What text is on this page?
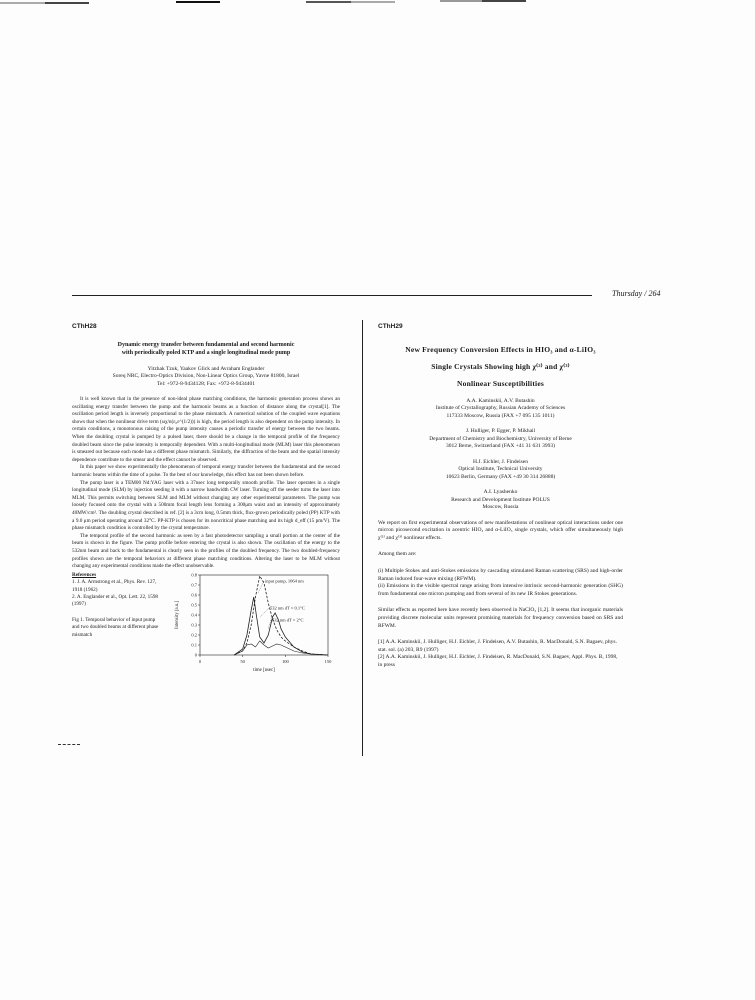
Thursday / 264
CThH28
Dynamic energy transfer between fundamental and second harmonic
with periodically poled KTP and a single longitudinal mode pump
Yitzhak Tzuk, Yaakov Glick and Avraham Englander
Soreq NRC, Electro-Optics Division, Non-Linear Optics Group, Yavne 81800, Israel
Tel: +972-8-9434128; Fax: +972-8-9434401

It is well known that in the presence of non-ideal phase matching conditions, the harmonic generation process shows an oscillating energy transfer between the pump and the harmonic beams as a function of distance along the crystal[1]. The oscillation period length is inversely proportional to the phase mismatch. A numerical solution of the coupled wave equations shows that when the nonlinear drive term (ωχ/n(ε₀ε^(1/2))) is high, the period length is also dependent on the pump intensity. In certain conditions, a monotonous raising of the pump intensity causes a periodic transfer of energy between the two beams. When the doubling crystal is pumped by a pulsed laser, there should be a change in the temporal profile of the frequency doubled beam since the pulse intensity is temporally dependent. With a multi-longitudinal mode (MLM) laser this phenomenon is smeared out because each mode has a different phase mismatch. Similarly, the diffraction of the beam and the spatial intensity dependence contribute to the smear and the effect cannot be observed.

In this paper we show experimentally the phenomenon of temporal energy transfer between the fundamental and the second harmonic beams within the time of a pulse. To the best of our knowledge, this effect has not been shown before.

The pump laser is a TEM00 Nd:YAG laser with a 37nsec long temporally smooth profile. The laser operates in a single longitudinal mode (SLM) by injection seeding it with a narrow bandwidth CW laser. Turning off the seeder turns the laser into MLM. This permits switching between SLM and MLM without changing any other experimental parameters. The pump was loosely focused onto the crystal with a 500mm focal length lens forming a 300μm waist and an intensity of approximately 40MW/cm². The doubling crystal described in ref. [2] is a 3cm long, 0.5mm thick, flux-grown periodically poled (PP) KTP with a 9.0 μm period operating around 32°C. PP-KTP is chosen for its noncritical phase matching and its high d_eff (15 pm/V). The phase mismatch condition is controlled by the crystal temperature.

The temporal profile of the second harmonic as seen by a fast photodetector sampling a small portion at the center of the beam is shown in the figure. The pump profile before entering the crystal is also shown. The oscillation of the energy to the 532nm beam and back to the fundamental is clearly seen in the profiles of the doubled frequency. The two doubled-frequency profiles shown are the temporal behaviors at different phase matching conditions. Altering the laser to be MLM without changing any experimental conditions made the effect unobservable.

References
1. J. A. Armstrong et al., Phys. Rev. 127, 1918 (1962)
2. A. Englander et al., Opt. Lett. 22, 1598 (1997)
Fig 1. Temporal behavior of input pump and two doubled beams at different phase mismatch
0
0.1
0.2
0.3
0.4
0.5
0.6
0.7
0.8
0	50	100	150
time [nsec]
Intensity [a.u.]
input pump, 1064 nm
532 nm dT = 0.1°C
532 nm dT = 2°C
CThH29
New Frequency Conversion Effects in HIO₃ and α-LiIO₃
Single Crystals Showing high χ⁽²⁾ and χ⁽³⁾
Nonlinear Susceptibilities
A.A. Kaminskii, A.V. Butashin
Institute of Crystallography, Russian Academy of Sciences
117333 Moscow, Russia (FAX +7 095 135 1011)
J. Hulliger, P. Egger, P. Mikhail
Department of Chemistry and Biochemistry, University of Berne
3012 Berne, Switzerland (FAX +41 31 631 3993)
H.J. Eichler, J. Findeisen
Optical Institute, Technical University
10623 Berlin, Germany (FAX +49 30 314 26888)
A.I. Lyashenko
Research and Development Institute POLUS
Moscow, Russia

We report on first experimental observations of new manifestations of nonlinear optical interactions under one micron picosecond excitation in acentric HIO₃ and α-LiIO₃ single crystals, which offer simultaneously high χ⁽²⁾ and χ⁽³⁾ nonlinear effects.

Among them are:

(i) Multiple Stokes and anti-Stokes emissions by cascading stimulated Raman scattering (SRS) and high-order Raman induced four-wave mixing (RFWM).

(ii) Emissions in the visible spectral range arising from intensive intrinsic second-harmonic generation (SHG) from fundamental one micron pumping and from several of its new IR Stokes generations.

Similar effects as reported here have recently been observed in NaClO₃ [1,2]. It seems that inorganic materials providing discrete molecular units represent promising materials for frequency conversion based on SRS and RFWM.

[1] A.A. Kaminskii, J. Hulliger, H.J. Eichler, J. Findeisen, A.V. Butashin, R. MacDonald, S.N. Bagaev, phys. stat. sol. (a) 203, R9 (1997)
[2] A.A. Kaminskii, J. Hulliger, H.J. Eichler, J. Findeisen, R. MacDonald, S.N. Bagaev, Appl. Phys. B, 1998, in press
